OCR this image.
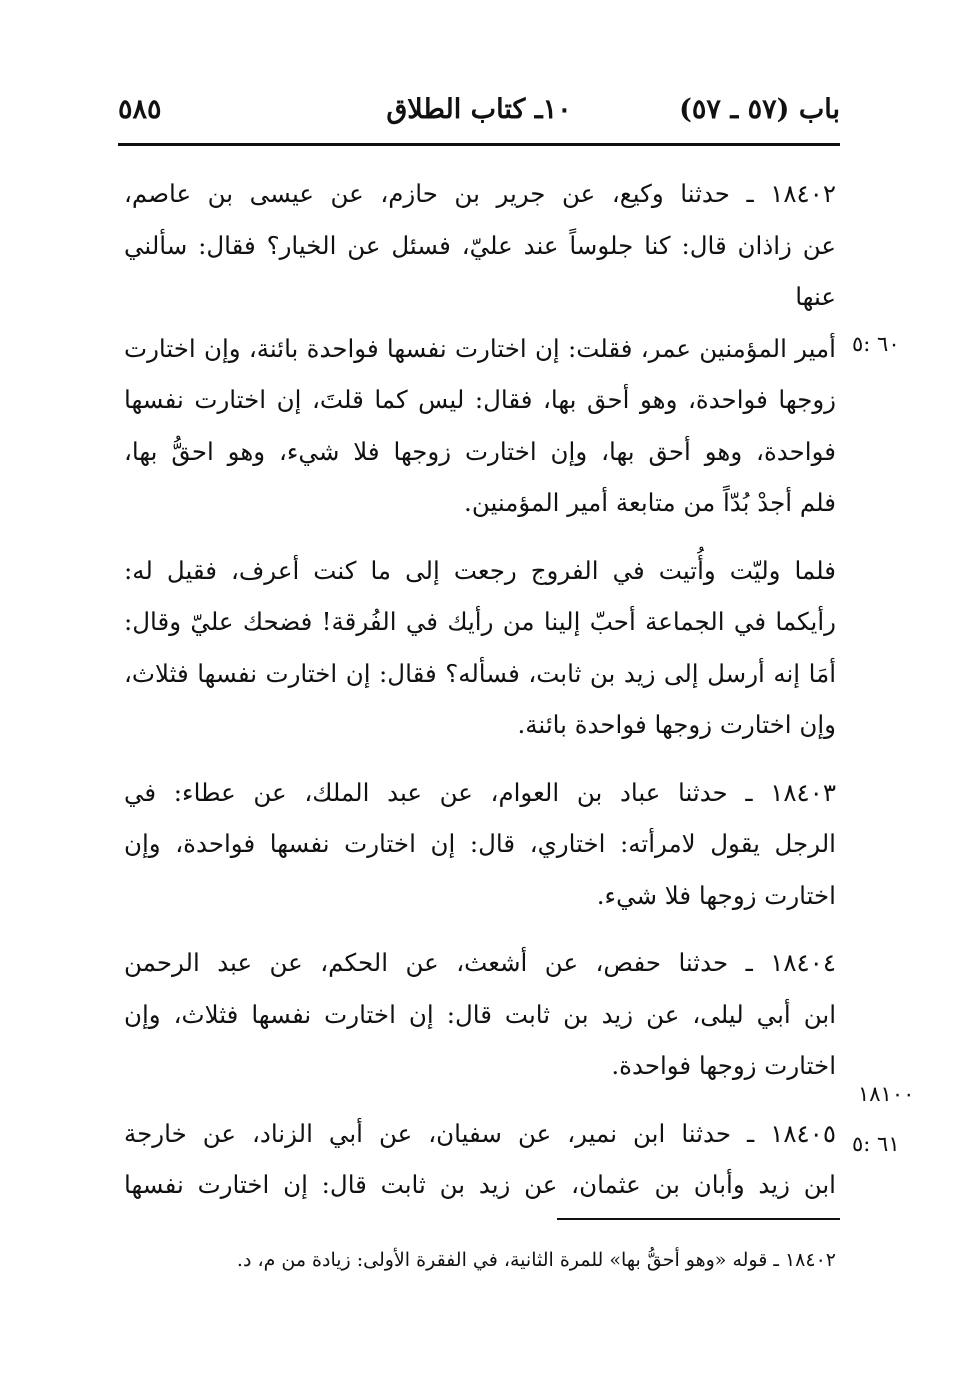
باب (٥٧ ـ ٥٧)
١٠ـ كتاب الطلاق
٥٨٥

١٨٤٠٢ ـ حدثنا وكيع، عن جرير بن حازم، عن عيسى بن عاصم،

عن زاذان قال: كنا جلوساً عند عليّ، فسئل عن الخيار؟ فقال: سألني عنها

أمير المؤمنين عمر، فقلت: إن اختارت نفسها فواحدة بائنة، وإن اختارت

زوجها فواحدة، وهو أحق بها، فقال: ليس كما قلتَ، إن اختارت نفسها

فواحدة، وهو أحق بها، وإن اختارت زوجها فلا شيء، وهو احقُّ بها،

فلم أجدْ بُدّاً من متابعة أمير المؤمنين.

فلما وليّت وأُتيت في الفروج رجعت إلى ما كنت أعرف، فقيل له:

رأيكما في الجماعة أحبّ إلينا من رأيك في الفُرقة! فضحك عليّ وقال:

أمَا إنه أرسل إلى زيد بن ثابت، فسأله؟ فقال: إن اختارت نفسها فثلاث،

وإن اختارت زوجها فواحدة بائنة.

١٨٤٠٣ ـ حدثنا عباد بن العوام، عن عبد الملك، عن عطاء: في

الرجل يقول لامرأته: اختاري، قال: إن اختارت نفسها فواحدة، وإن

اختارت زوجها فلا شيء.

١٨٤٠٤ ـ حدثنا حفص، عن أشعث، عن الحكم، عن عبد الرحمن

ابن أبي ليلى، عن زيد بن ثابت قال: إن اختارت نفسها فثلاث، وإن

اختارت زوجها فواحدة.

١٨٤٠٥ ـ حدثنا ابن نمير، عن سفيان، عن أبي الزناد، عن خارجة

ابن زيد وأبان بن عثمان، عن زيد بن ثابت قال: إن اختارت نفسها

٦٠ :٥
١٨١٠٠
٦١ :٥
١٨٤٠٢ ـ قوله «وهو أحقُّ بها» للمرة الثانية، في الفقرة الأولى: زيادة من م، د.
